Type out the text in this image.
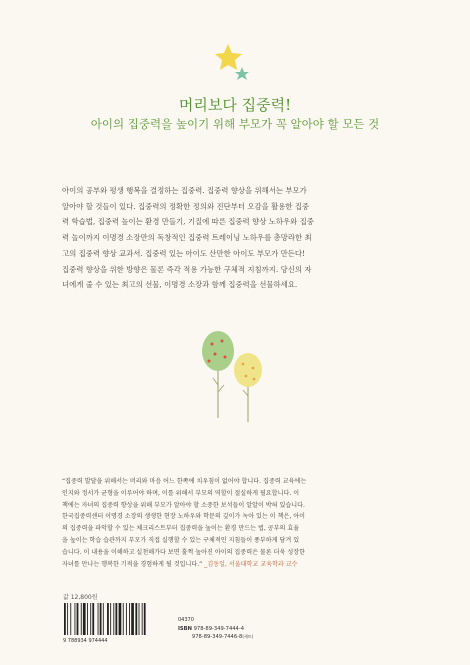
머리보다 집중력!
아이의 집중력을 높이기 위해 부모가 꼭 알아야 할 모든 것

아이의 공부와 평생 행복을 결정하는 집중력. 집중력 향상을 위해서는 부모가

알아야 할 것들이 있다. 집중력의 정확한 정의와 진단부터 오감을 활용한 집중

력 학습법, 집중력 높이는 환경 만들기, 기질에 따른 집중력 향상 노하우와 집중

력 놀이까지 이명경 소장만의 독창적인 집중력 트레이닝 노하우를 총망라한 최

고의 집중력 향상 교과서. 집중력 있는 아이도 산만한 아이도 부모가 만든다!

집중력 향상을 위한 방향은 물론 즉각 적용 가능한 구체적 지침까지. 당신의 자

녀에게 줄 수 있는 최고의 선물, 이명경 소장과 함께 집중력을 선물하세요.

“집중력 발달을 위해서는 머리와 마음 어느 한쪽에 치우침이 없어야 합니다. 집중력 교육에는

인지와 정서가 균형을 이루어야 하며, 이를 위해서 부모의 역할이 절실하게 필요합니다. 이

책에는 자녀의 집중력 향상을 위해 부모가 알아야 할 소중한 보석들이 알알이 박혀 있습니다.

한국집중력센터 이명경 소장의 생생한 현장 노하우와 학문의 깊이가 녹아 있는 이 책은, 아이

의 집중력을 파악할 수 있는 체크리스트부터 집중력을 높이는 환경 만드는 법, 공부의 효율

을 높이는 학습 습관까지 부모가 직접 실행할 수 있는 구체적인 지침들이 풍부하게 담겨 있

습니다. 이 내용을 이해하고 실천해가다 보면 훌쩍 높아진 아이의 집중력은 물론 더욱 성장한

자녀를 만나는 행복한 기적을 경험하게 될 것입니다.” _김동일, 서울대학교 교육학과 교수

값 12,800원
9 788934 974444
04370
ISBN 978-89-349-7444-4
978-89-349-7446-8(세트)
